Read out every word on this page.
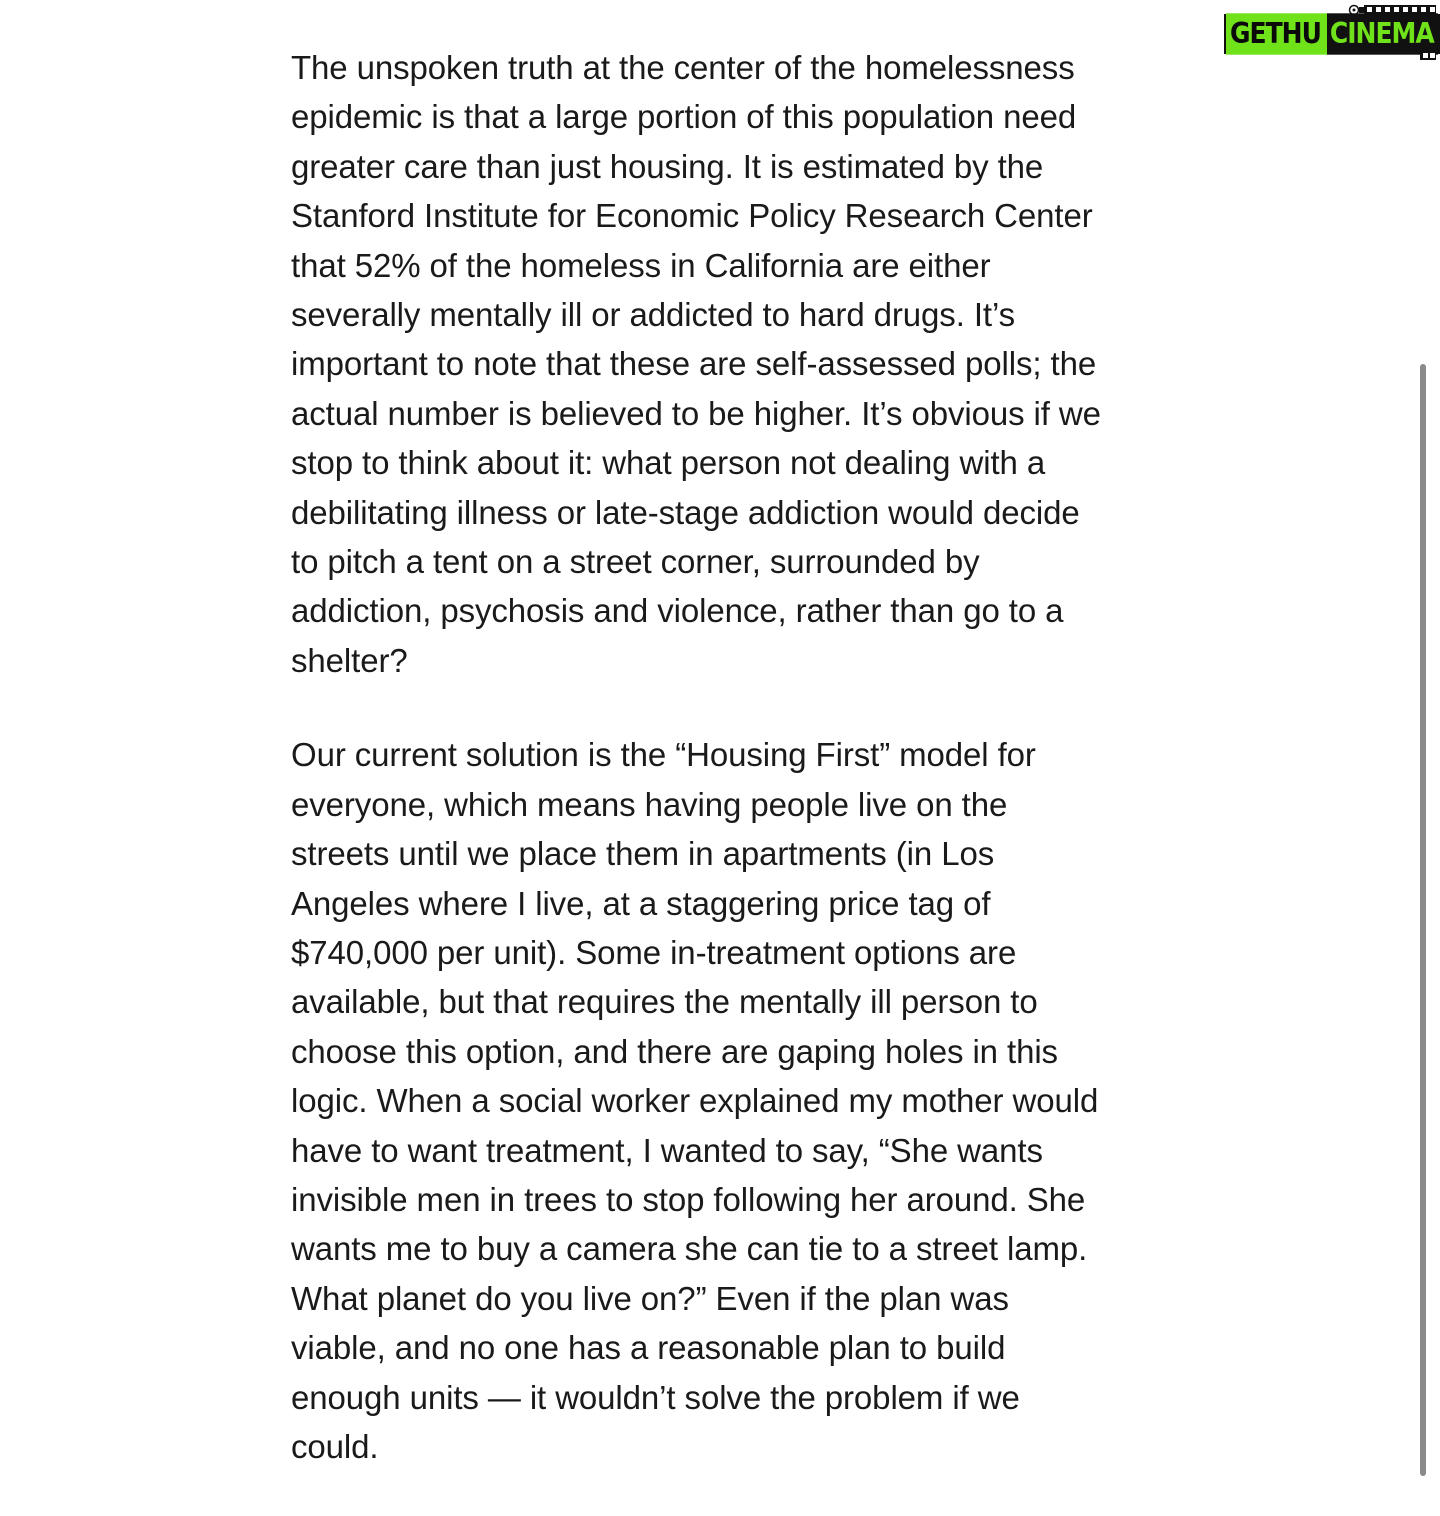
GETHU CINEMA

The unspoken truth at the center of the homelessness
epidemic is that a large portion of this population need
greater care than just housing. It is estimated by the
Stanford Institute for Economic Policy Research Center
that 52% of the homeless in California are either
severally mentally ill or addicted to hard drugs. It’s
important to note that these are self-assessed polls; the
actual number is believed to be higher. It’s obvious if we
stop to think about it: what person not dealing with a
debilitating illness or late-stage addiction would decide
to pitch a tent on a street corner, surrounded by
addiction, psychosis and violence, rather than go to a
shelter?

Our current solution is the “Housing First” model for
everyone, which means having people live on the
streets until we place them in apartments (in Los
Angeles where I live, at a staggering price tag of
$740,000 per unit). Some in-treatment options are
available, but that requires the mentally ill person to
choose this option, and there are gaping holes in this
logic. When a social worker explained my mother would
have to want treatment, I wanted to say, “She wants
invisible men in trees to stop following her around. She
wants me to buy a camera she can tie to a street lamp.
What planet do you live on?” Even if the plan was
viable, and no one has a reasonable plan to build
enough units — it wouldn’t solve the problem if we
could.
